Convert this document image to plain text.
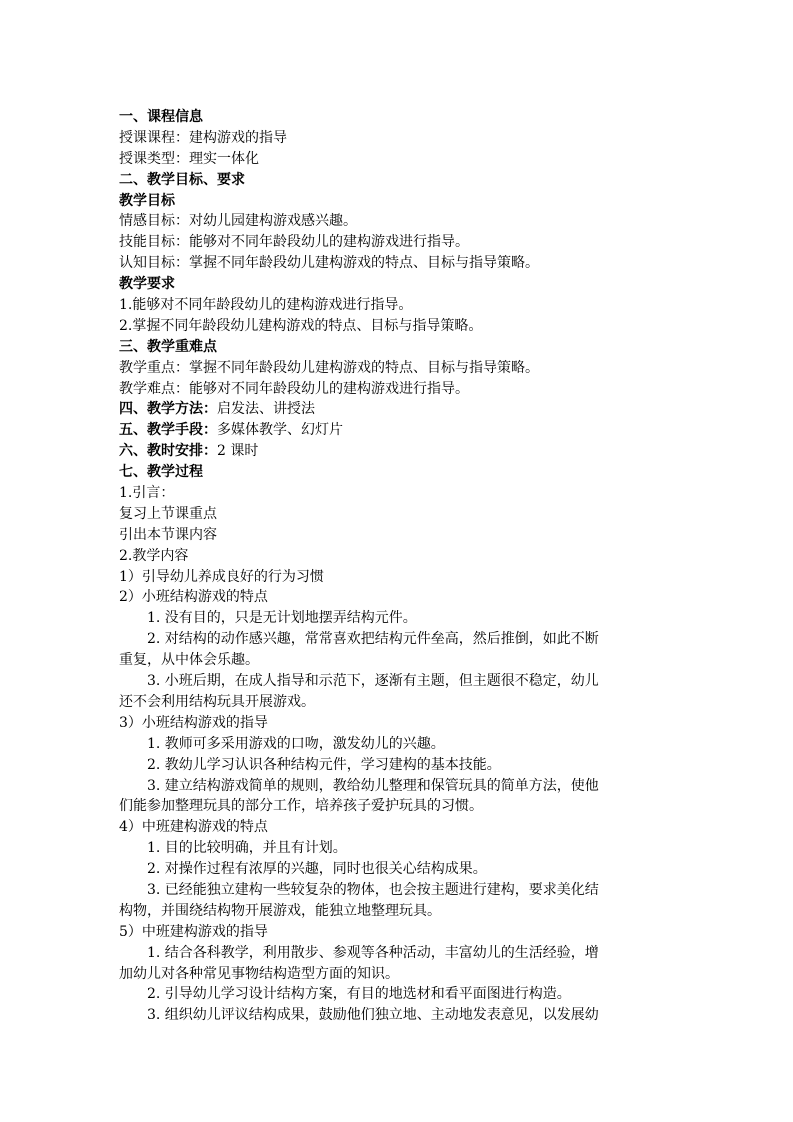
一、课程信息
授课课程：建构游戏的指导
授课类型：理实一体化
二、教学目标、要求
教学目标
情感目标：对幼儿园建构游戏感兴趣。
技能目标：能够对不同年龄段幼儿的建构游戏进行指导。
认知目标：掌握不同年龄段幼儿建构游戏的特点、目标与指导策略。
教学要求
1.能够对不同年龄段幼儿的建构游戏进行指导。
2.掌握不同年龄段幼儿建构游戏的特点、目标与指导策略。
三、教学重难点
教学重点：掌握不同年龄段幼儿建构游戏的特点、目标与指导策略。
教学难点：能够对不同年龄段幼儿的建构游戏进行指导。
四、教学方法：启发法、讲授法
五、教学手段：多媒体教学、幻灯片
六、教时安排：2 课时
七、教学过程
1.引言：
复习上节课重点
引出本节课内容
2.教学内容
1）引导幼儿养成良好的行为习惯
2）小班结构游戏的特点
1. 没有目的，只是无计划地摆弄结构元件。
2. 对结构的动作感兴趣，常常喜欢把结构元件垒高，然后推倒，如此不断
重复，从中体会乐趣。
3. 小班后期，在成人指导和示范下，逐渐有主题，但主题很不稳定，幼儿
还不会利用结构玩具开展游戏。
3）小班结构游戏的指导
1. 教师可多采用游戏的口吻，激发幼儿的兴趣。
2. 教幼儿学习认识各种结构元件，学习建构的基本技能。
3. 建立结构游戏简单的规则，教给幼儿整理和保管玩具的简单方法，使他
们能参加整理玩具的部分工作，培养孩子爱护玩具的习惯。
4）中班建构游戏的特点
1. 目的比较明确，并且有计划。
2. 对操作过程有浓厚的兴趣，同时也很关心结构成果。
3. 已经能独立建构一些较复杂的物体，也会按主题进行建构，要求美化结
构物，并围绕结构物开展游戏，能独立地整理玩具。
5）中班建构游戏的指导
1. 结合各科教学，利用散步、参观等各种活动，丰富幼儿的生活经验，增
加幼儿对各种常见事物结构造型方面的知识。
2. 引导幼儿学习设计结构方案，有目的地选材和看平面图进行构造。
3. 组织幼儿评议结构成果，鼓励他们独立地、主动地发表意见，以发展幼
